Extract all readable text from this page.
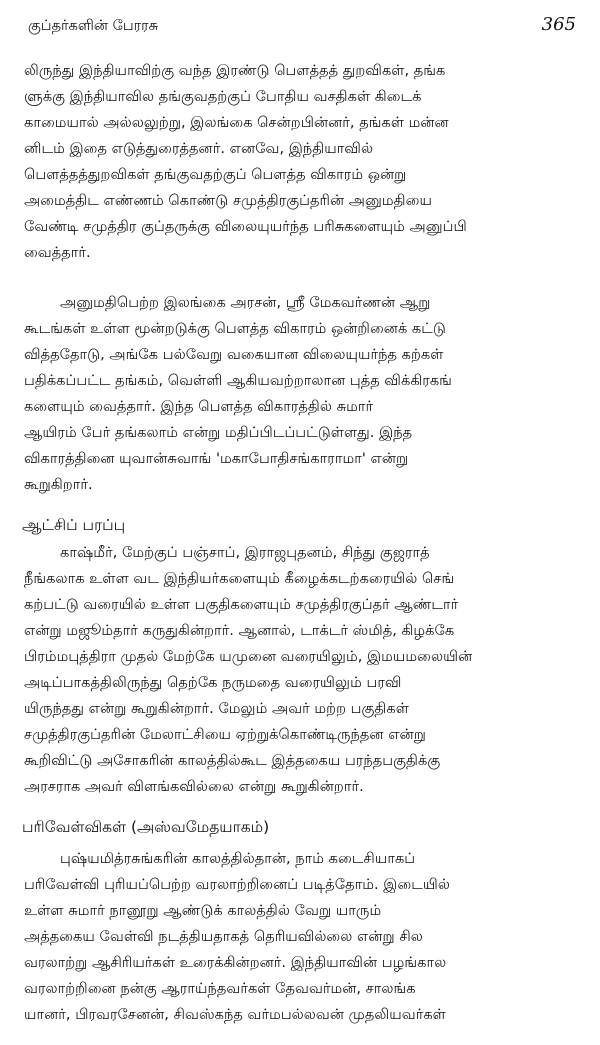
குப்தர்களின் பேரரசு	365
லிருந்து இந்தியாவிற்கு வந்த இரண்டு பௌத்தத் துறவிகள், தங்க
ளுக்கு இந்தியாவில தங்குவதற்குப் போதிய வசதிகள் கிடைக்
காமையால் அல்லலுற்று, இலங்கை சென்றபின்னர், தங்கள் மன்ன
னிடம் இதை எடுத்துரைத்தனர். எனவே, இந்தியாவில்
பௌத்தத்துறவிகள் தங்குவதற்குப் பௌத்த விகாரம் ஒன்று
அமைத்திட எண்ணம் கொண்டு சமுத்திரகுப்தரின் அனுமதியை
வேண்டி சமுத்திர குப்தருக்கு விலையுயர்ந்த பரிசுகளையும் அனுப்பி
வைத்தார்.
அனுமதிபெற்ற இலங்கை அரசன், ஸ்ரீ மேகவர்ணன் ஆறு
கூடங்கள் உள்ள மூன்றடுக்கு பௌத்த விகாரம் ஒன்றினைக் கட்டு
வித்ததோடு, அங்கே பல்வேறு வகையான விலையுயர்ந்த கற்கள்
பதிக்கப்பட்ட தங்கம், வெள்ளி ஆகியவற்றாலான புத்த விக்கிரகங்
களையும் வைத்தார். இந்த பௌத்த விகாரத்தில் சுமார்
ஆயிரம் பேர் தங்கலாம் என்று மதிப்பிடப்பட்டுள்ளது. இந்த
விகாரத்தினை யுவான்சுவாங் 'மகாபோதிசங்காராமா' என்று
கூறுகிறார்.
ஆட்சிப் பரப்பு
காஷ்மீர், மேற்குப் பஞ்சாப், இராஜபுதனம், சிந்து குஜராத்
நீங்கலாக உள்ள வட இந்தியர்களையும் கீழைக்கடற்கரையில் செங்
கற்பட்டு வரையில் உள்ள பகுதிகளையும் சமுத்திரகுப்தர் ஆண்டார்
என்று மஜூம்தார் கருதுகின்றார். ஆனால், டாக்டர் ஸ்மித், கிழக்கே
பிரம்மபுத்திரா முதல் மேற்கே யமுனை வரையிலும், இமயமலையின்
அடிப்பாகத்திலிருந்து தெற்கே நருமதை வரையிலும் பரவி
யிருந்தது என்று கூறுகின்றார். மேலும் அவர் மற்ற பகுதிகள்
சமுத்திரகுப்தரின் மேலாட்சியை ஏற்றுக்கொண்டிருந்தன என்று
கூறிவிட்டு அசோகரின் காலத்தில்கூட இத்தகைய பரந்தபகுதிக்கு
அரசராக அவர் விளங்கவில்லை என்று கூறுகின்றார்.
பரிவேள்விகள் (அஸ்வமேதயாகம்)
புஷ்யமித்ரசுங்கரின் காலத்தில்தான், நாம் கடைசியாகப்
பரிவேள்வி புரியப்பெற்ற வரலாற்றினைப் படித்தோம். இடையில்
உள்ள சுமார் நானூறு ஆண்டுக் காலத்தில் வேறு யாரும்
அத்தகைய வேள்வி நடத்தியதாகத் தெரியவில்லை என்று சில
வரலாற்று ஆசிரியர்கள் உரைக்கின்றனர். இந்தியாவின் பழங்கால
வரலாற்றினை நன்கு ஆராய்ந்தவர்கள் தேவவர்மன், சாலங்க
யானர், பிரவரசேனன், சிவஸ்கந்த வர்மபல்லவன் முதலியவர்கள்
